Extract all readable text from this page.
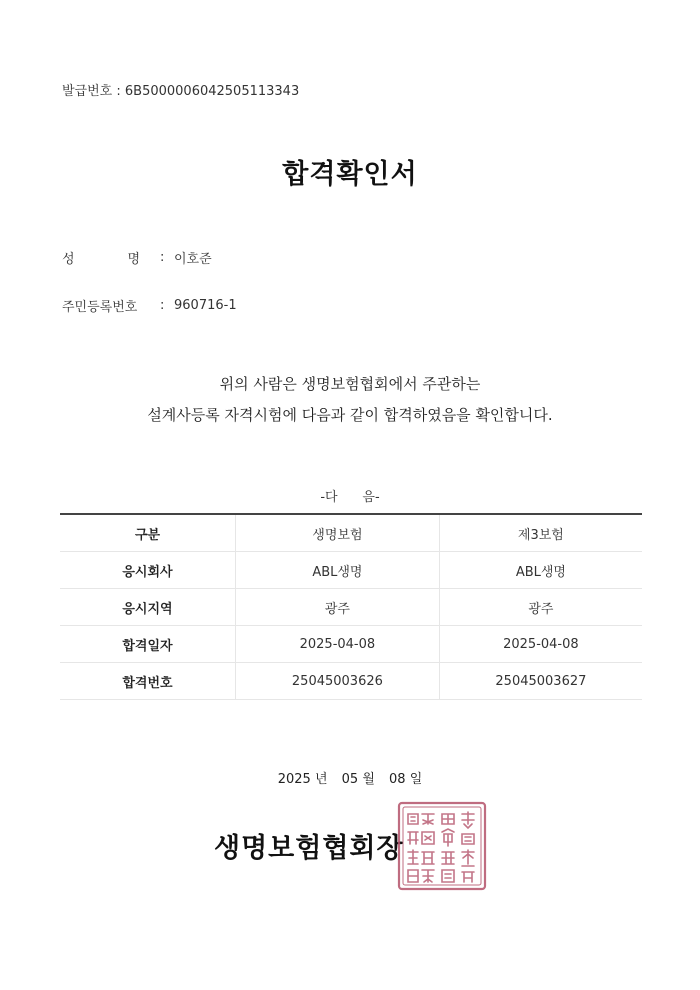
발급번호 : 6B5000006042505113343
합격확인서
성	명 : 이호준
주민등록번호	: 960716-1
위의 사람은 생명보험협회에서 주관하는
설계사등록 자격시험에 다음과 같이 합격하였음을 확인합니다.
-다      음-
구분	생명보험	제3보험
응시회사	ABL생명	ABL생명
응시지역	광주	광주
합격일자	2025-04-08	2025-04-08
합격번호	25045003626	25045003627
2025 년 05 월 08 일
생명보험협회장
